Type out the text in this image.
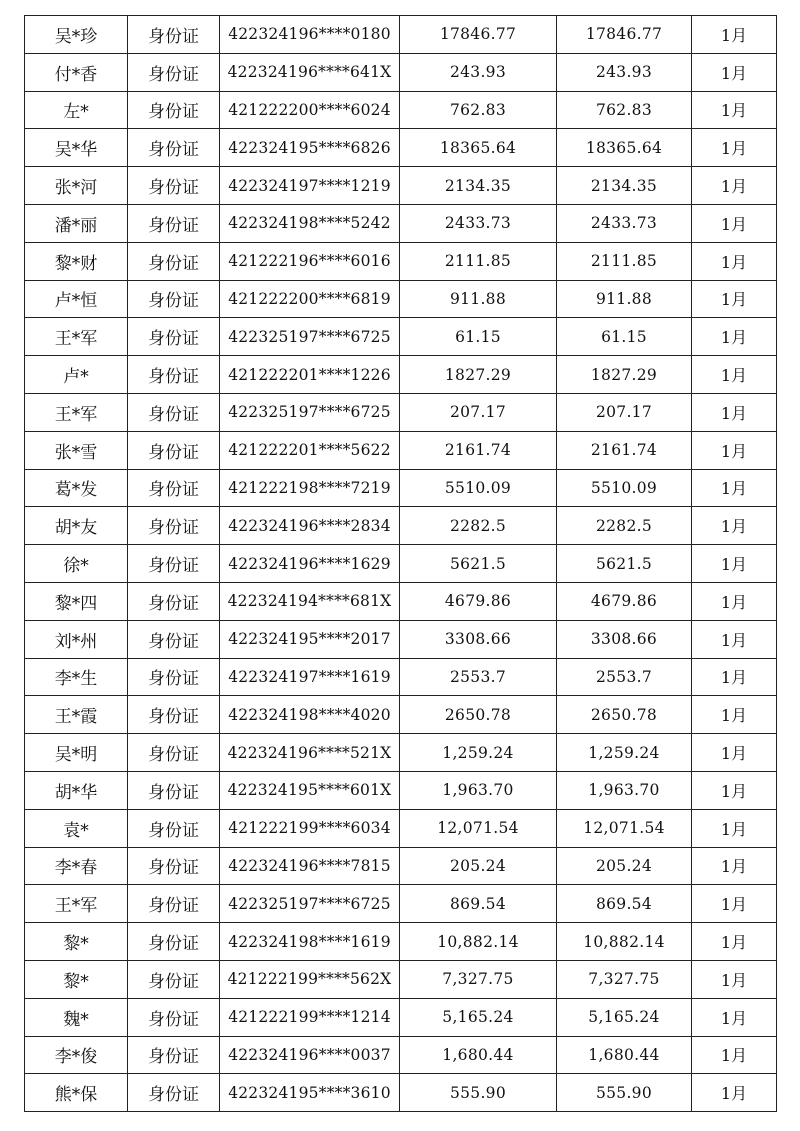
吴*珍	身份证	422324196****0180	17846.77	17846.77	1月
付*香	身份证	422324196****641X	243.93	243.93	1月
左*	身份证	421222200****6024	762.83	762.83	1月
吴*华	身份证	422324195****6826	18365.64	18365.64	1月
张*河	身份证	422324197****1219	2134.35	2134.35	1月
潘*丽	身份证	422324198****5242	2433.73	2433.73	1月
黎*财	身份证	421222196****6016	2111.85	2111.85	1月
卢*恒	身份证	421222200****6819	911.88	911.88	1月
王*军	身份证	422325197****6725	61.15	61.15	1月
卢*	身份证	421222201****1226	1827.29	1827.29	1月
王*军	身份证	422325197****6725	207.17	207.17	1月
张*雪	身份证	421222201****5622	2161.74	2161.74	1月
葛*发	身份证	421222198****7219	5510.09	5510.09	1月
胡*友	身份证	422324196****2834	2282.5	2282.5	1月
徐*	身份证	422324196****1629	5621.5	5621.5	1月
黎*四	身份证	422324194****681X	4679.86	4679.86	1月
刘*州	身份证	422324195****2017	3308.66	3308.66	1月
李*生	身份证	422324197****1619	2553.7	2553.7	1月
王*霞	身份证	422324198****4020	2650.78	2650.78	1月
吴*明	身份证	422324196****521X	1,259.24	1,259.24	1月
胡*华	身份证	422324195****601X	1,963.70	1,963.70	1月
袁*	身份证	421222199****6034	12,071.54	12,071.54	1月
李*春	身份证	422324196****7815	205.24	205.24	1月
王*军	身份证	422325197****6725	869.54	869.54	1月
黎*	身份证	422324198****1619	10,882.14	10,882.14	1月
黎*	身份证	421222199****562X	7,327.75	7,327.75	1月
魏*	身份证	421222199****1214	5,165.24	5,165.24	1月
李*俊	身份证	422324196****0037	1,680.44	1,680.44	1月
熊*保	身份证	422324195****3610	555.90	555.90	1月
